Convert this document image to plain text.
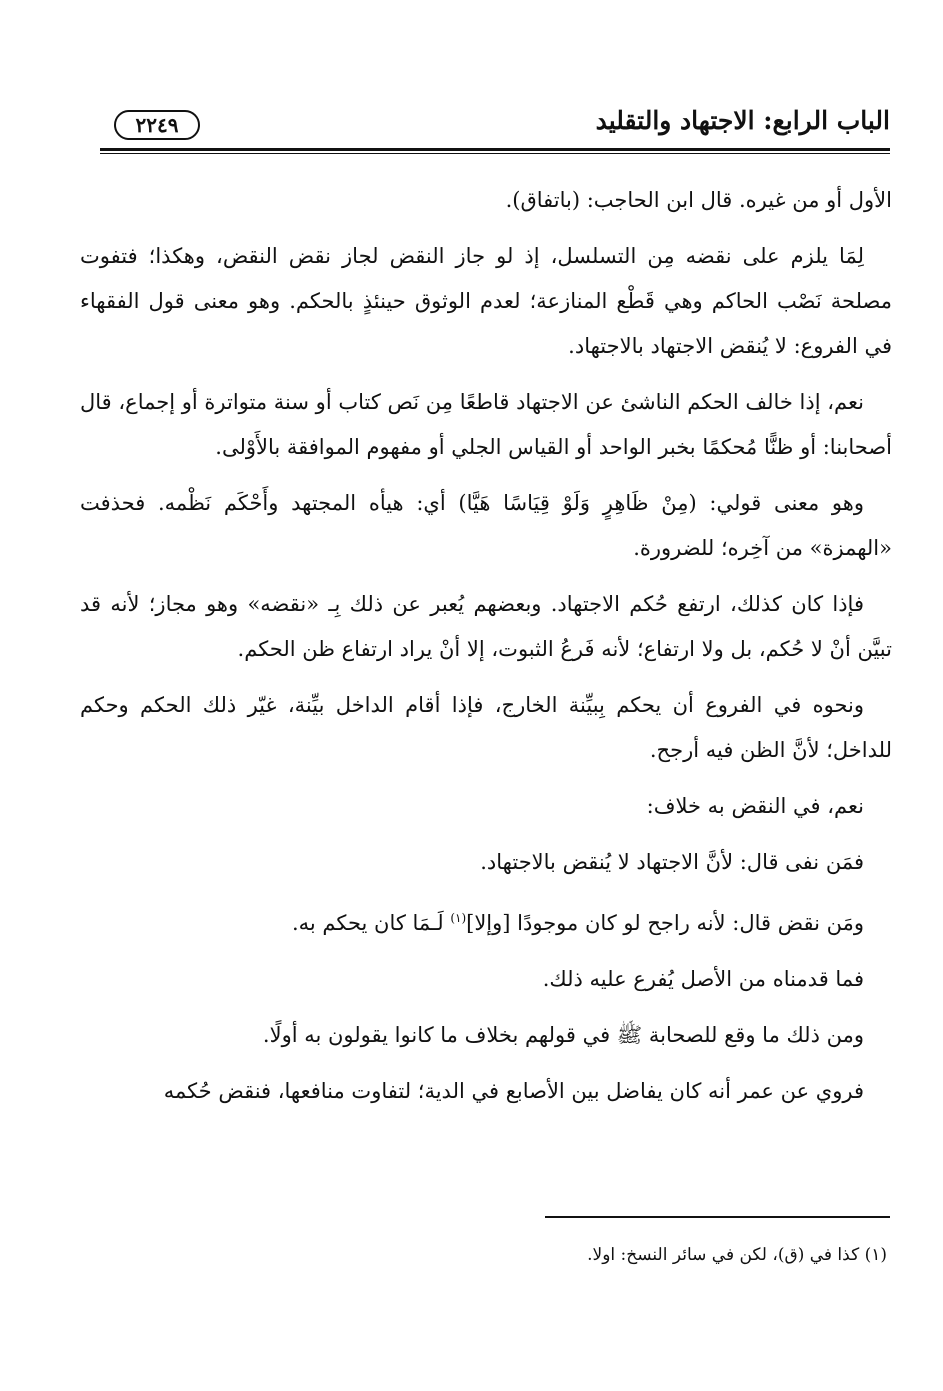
الباب الرابع: الاجتهاد والتقليد
٢٢٤٩

الأول أو من غيره. قال ابن الحاجب: (باتفاق).

لِمَا يلزم على نقضه مِن التسلسل، إذ لو جاز النقض لجاز نقض النقض، وهكذا؛ فتفوت مصلحة نَصْب الحاكم وهي قَطْع المنازعة؛ لعدم الوثوق حينئذٍ بالحكم. وهو معنى قول الفقهاء في الفروع: لا يُنقض الاجتهاد بالاجتهاد.

نعم، إذا خالف الحكم الناشئ عن الاجتهاد قاطعًا مِن نَص كتاب أو سنة متواترة أو إجماع، قال أصحابنا: أو ظنًّا مُحكمًا بخبر الواحد أو القياس الجلي أو مفهوم الموافقة بالأَوْلى.

وهو معنى قولي: (مِنْ ظَاهِرٍ وَلَوْ قِيَاسًا هَيَّا) أي: هيأه المجتهد وأَحْكَم نَظْمه. فحذفت «الهمزة» من آخِره؛ للضرورة.

فإذا كان كذلك، ارتفع حُكم الاجتهاد. وبعضهم يُعبر عن ذلك بِـ «نقضه» وهو مجاز؛ لأنه قد تبيَّن أنْ لا حُكم، بل ولا ارتفاع؛ لأنه فَرعُ الثبوت، إلا أنْ يراد ارتفاع ظن الحكم.

ونحوه في الفروع أن يحكم بِبيِّنة الخارج، فإذا أقام الداخل بيِّنة، غيّر ذلك الحكم وحكم للداخل؛ لأنَّ الظن فيه أرجح.

نعم، في النقض به خلاف:

فمَن نفى قال: لأنَّ الاجتهاد لا يُنقض بالاجتهاد.

ومَن نقض قال: لأنه راجح لو كان موجودًا [وإلا]$^{(١)}$ لَـمَا كان يحكم به.

فما قدمناه من الأصل يُفرع عليه ذلك.

ومن ذلك ما وقع للصحابة ﷺ في قولهم بخلاف ما كانوا يقولون به أولًا.

فروي عن عمر أنه كان يفاضل بين الأصابع في الدية؛ لتفاوت منافعها، فنقض حُكمه

(١) كذا في (ق)، لكن في سائر النسخ: اولا.
